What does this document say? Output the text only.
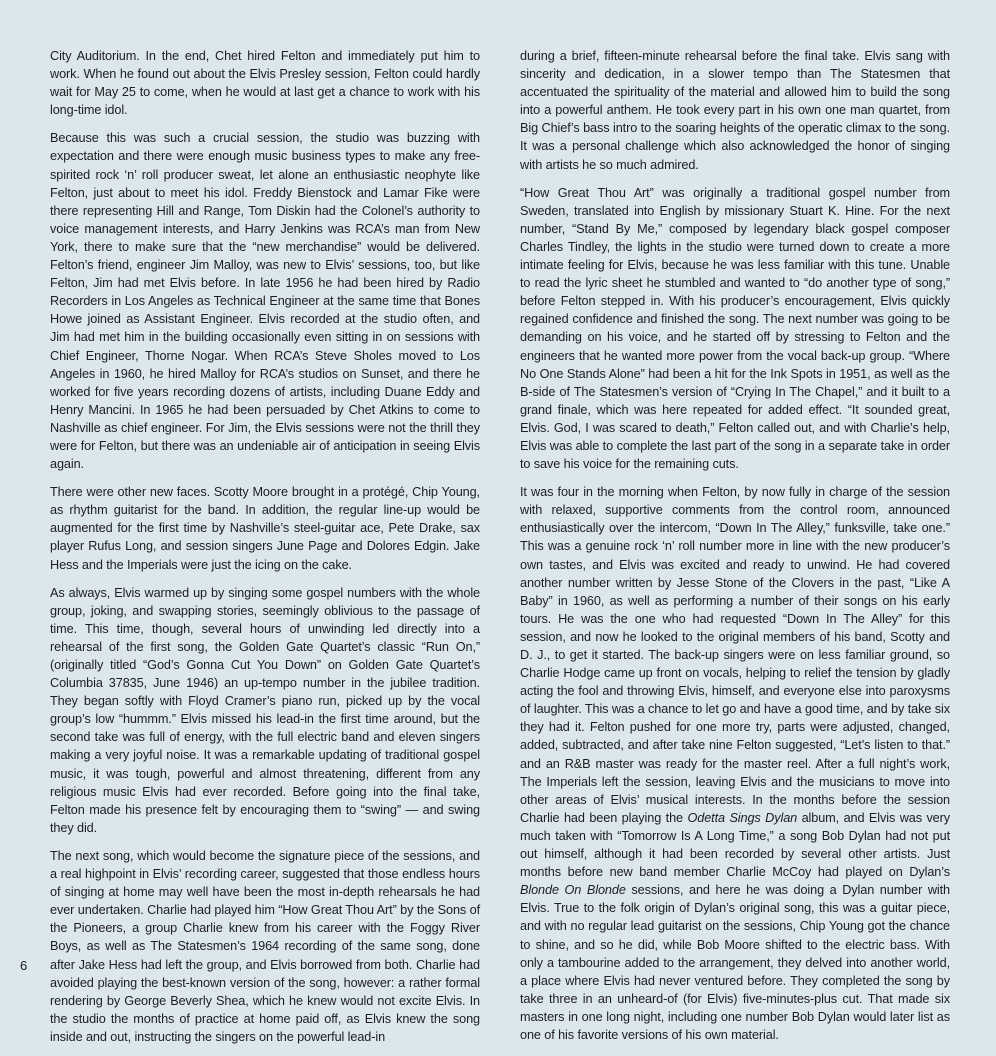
City Auditorium. In the end, Chet hired Felton and immediately put him to work. When he found out about the Elvis Presley session, Felton could hardly wait for May 25 to come, when he would at last get a chance to work with his long-time idol.

Because this was such a crucial session, the studio was buzzing with expectation and there were enough music business types to make any free-spirited rock ‘n’ roll producer sweat, let alone an enthusiastic neophyte like Felton, just about to meet his idol. Freddy Bienstock and Lamar Fike were there representing Hill and Range, Tom Diskin had the Colonel’s authority to voice management interests, and Harry Jenkins was RCA’s man from New York, there to make sure that the “new merchandise” would be delivered. Felton’s friend, engineer Jim Malloy, was new to Elvis’ sessions, too, but like Felton, Jim had met Elvis before. In late 1956 he had been hired by Radio Recorders in Los Angeles as Technical Engineer at the same time that Bones Howe joined as Assistant Engineer. Elvis recorded at the studio often, and Jim had met him in the building occasionally even sitting in on sessions with Chief Engineer, Thorne Nogar. When RCA’s Steve Sholes moved to Los Angeles in 1960, he hired Malloy for RCA’s studios on Sunset, and there he worked for five years recording dozens of artists, including Duane Eddy and Henry Mancini. In 1965 he had been persuaded by Chet Atkins to come to Nashville as chief engineer. For Jim, the Elvis sessions were not the thrill they were for Felton, but there was an undeniable air of anticipation in seeing Elvis again.

There were other new faces. Scotty Moore brought in a protégé, Chip Young, as rhythm guitarist for the band. In addition, the regular line-up would be augmented for the first time by Nashville’s steel-guitar ace, Pete Drake, sax player Rufus Long, and session singers June Page and Dolores Edgin. Jake Hess and the Imperials were just the icing on the cake.

As always, Elvis warmed up by singing some gospel numbers with the whole group, joking, and swapping stories, seemingly oblivious to the passage of time. This time, though, several hours of unwinding led directly into a rehearsal of the first song, the Golden Gate Quartet’s classic “Run On,” (originally titled “God’s Gonna Cut You Down” on Golden Gate Quartet’s Columbia 37835, June 1946) an up-tempo number in the jubilee tradition. They began softly with Floyd Cramer’s piano run, picked up by the vocal group’s low “hummm.” Elvis missed his lead-in the first time around, but the second take was full of energy, with the full electric band and eleven singers making a very joyful noise. It was a remarkable updating of traditional gospel music, it was tough, powerful and almost threatening, different from any religious music Elvis had ever recorded. Before going into the final take, Felton made his presence felt by encouraging them to “swing” — and swing they did.

The next song, which would become the signature piece of the sessions, and a real highpoint in Elvis’ recording career, suggested that those endless hours of singing at home may well have been the most in-depth rehearsals he had ever undertaken. Charlie had played him “How Great Thou Art” by the Sons of the Pioneers, a group Charlie knew from his career with the Foggy River Boys, as well as The Statesmen’s 1964 recording of the same song, done after Jake Hess had left the group, and Elvis borrowed from both. Charlie had avoided playing the best-known version of the song, however: a rather formal rendering by George Beverly Shea, which he knew would not excite Elvis. In the studio the months of practice at home paid off, as Elvis knew the song inside and out, instructing the singers on the powerful lead-in

during a brief, fifteen-minute rehearsal before the final take. Elvis sang with sincerity and dedication, in a slower tempo than The Statesmen that accentuated the spirituality of the material and allowed him to build the song into a powerful anthem. He took every part in his own one man quartet, from Big Chief’s bass intro to the soaring heights of the operatic climax to the song. It was a personal challenge which also acknowledged the honor of singing with artists he so much admired.

“How Great Thou Art” was originally a traditional gospel number from Sweden, translated into English by missionary Stuart K. Hine. For the next number, “Stand By Me,” composed by legendary black gospel composer Charles Tindley, the lights in the studio were turned down to create a more intimate feeling for Elvis, because he was less familiar with this tune. Unable to read the lyric sheet he stumbled and wanted to “do another type of song,” before Felton stepped in. With his producer’s encouragement, Elvis quickly regained confidence and finished the song. The next number was going to be demanding on his voice, and he started off by stressing to Felton and the engineers that he wanted more power from the vocal back-up group. “Where No One Stands Alone” had been a hit for the Ink Spots in 1951, as well as the B-side of The Statesmen’s version of “Crying In The Chapel,” and it built to a grand finale, which was here repeated for added effect. “It sounded great, Elvis. God, I was scared to death,” Felton called out, and with Charlie’s help, Elvis was able to complete the last part of the song in a separate take in order to save his voice for the remaining cuts.

It was four in the morning when Felton, by now fully in charge of the session with relaxed, supportive comments from the control room, announced enthusiastically over the intercom, “Down In The Alley,” funksville, take one.” This was a genuine rock ‘n’ roll number more in line with the new producer’s own tastes, and Elvis was excited and ready to unwind. He had covered another number written by Jesse Stone of the Clovers in the past, “Like A Baby” in 1960, as well as performing a number of their songs on his early tours. He was the one who had requested “Down In The Alley” for this session, and now he looked to the original members of his band, Scotty and D. J., to get it started. The back-up singers were on less familiar ground, so Charlie Hodge came up front on vocals, helping to relief the tension by gladly acting the fool and throwing Elvis, himself, and everyone else into paroxysms of laughter. This was a chance to let go and have a good time, and by take six they had it. Felton pushed for one more try, parts were adjusted, changed, added, subtracted, and after take nine Felton suggested, “Let’s listen to that.” and an R&B master was ready for the master reel. After a full night’s work, The Imperials left the session, leaving Elvis and the musicians to move into other areas of Elvis’ musical interests. In the months before the session Charlie had been playing the Odetta Sings Dylan album, and Elvis was very much taken with “Tomorrow Is A Long Time,” a song Bob Dylan had not put out himself, although it had been recorded by several other artists. Just months before new band member Charlie McCoy had played on Dylan’s Blonde On Blonde sessions, and here he was doing a Dylan number with Elvis. True to the folk origin of Dylan’s original song, this was a guitar piece, and with no regular lead guitarist on the sessions, Chip Young got the chance to shine, and so he did, while Bob Moore shifted to the electric bass. With only a tambourine added to the arrangement, they delved into another world, a place where Elvis had never ventured before. They completed the song by take three in an unheard-of (for Elvis) five-minutes-plus cut. That made six masters in one long night, including one number Bob Dylan would later list as one of his favorite versions of his own material.

6
